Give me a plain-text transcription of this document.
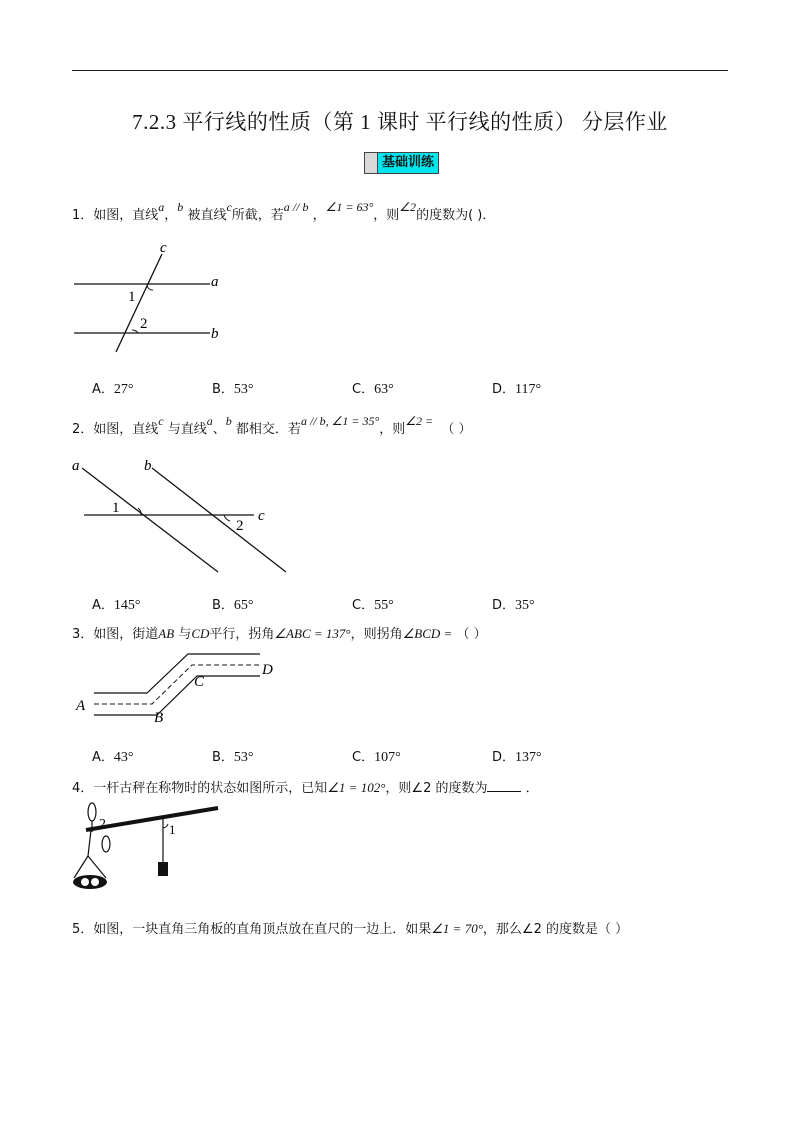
7.2.3 平行线的性质（第 1 课时 平行线的性质） 分层作业
基础训练
1．如图，直线a，b 被直线c所截，若a // b ，∠1 = 63°，则∠2的度数为( )．
c
a
b
1
2
A．27°	B．53°	C．63°	D．117°
2．如图，直线c 与直线a、b 都相交．若a // b, ∠1 = 35°，则∠2 =  （ ）
a	b
c
1
2
A．145°	B．65°	C．55°	D．35°
3．如图，街道AB 与CD平行，拐角∠ABC = 137°，则拐角∠BCD = （ ）
A
B
C
D
A．43°	B．53°	C．107°	D．137°
4．一杆古秤在称物时的状态如图所示，已知∠1 = 102°，则∠2 的度数为	．
2	1
5．如图，一块直角三角板的直角顶点放在直尺的一边上．如果∠1 = 70°，那么∠2 的度数是（ ）
